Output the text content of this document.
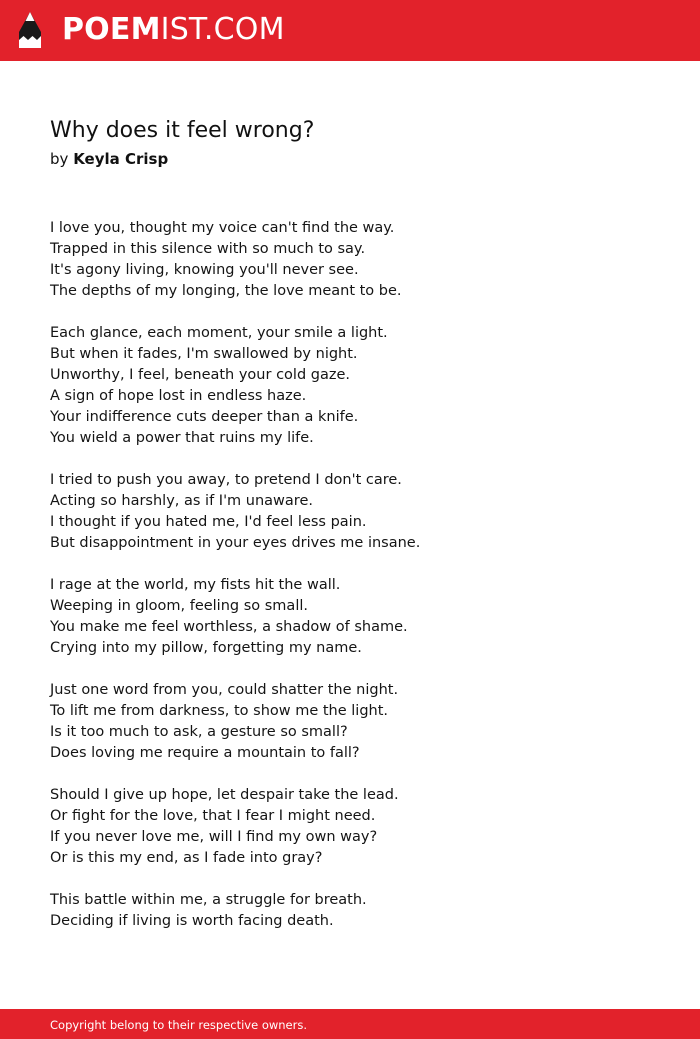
POEMIST.COM
Why does it feel wrong?
by Keyla Crisp
I love you, thought my voice can't find the way.
Trapped in this silence with so much to say.
It's agony living, knowing you'll never see.
The depths of my longing, the love meant to be.
Each glance, each moment, your smile a light.
But when it fades, I'm swallowed by night.
Unworthy, I feel, beneath your cold gaze.
A sign of hope lost in endless haze.
Your indifference cuts deeper than a knife.
You wield a power that ruins my life.
I tried to push you away, to pretend I don't care.
Acting so harshly, as if I'm unaware.
I thought if you hated me, I'd feel less pain.
But disappointment in your eyes drives me insane.
I rage at the world, my fists hit the wall.
Weeping in gloom, feeling so small.
You make me feel worthless, a shadow of shame.
Crying into my pillow, forgetting my name.
Just one word from you, could shatter the night.
To lift me from darkness, to show me the light.
Is it too much to ask, a gesture so small?
Does loving me require a mountain to fall?
Should I give up hope, let despair take the lead.
Or fight for the love, that I fear I might need.
If you never love me, will I find my own way?
Or is this my end, as I fade into gray?
This battle within me, a struggle for breath.
Deciding if living is worth facing death.
Copyright belong to their respective owners.
